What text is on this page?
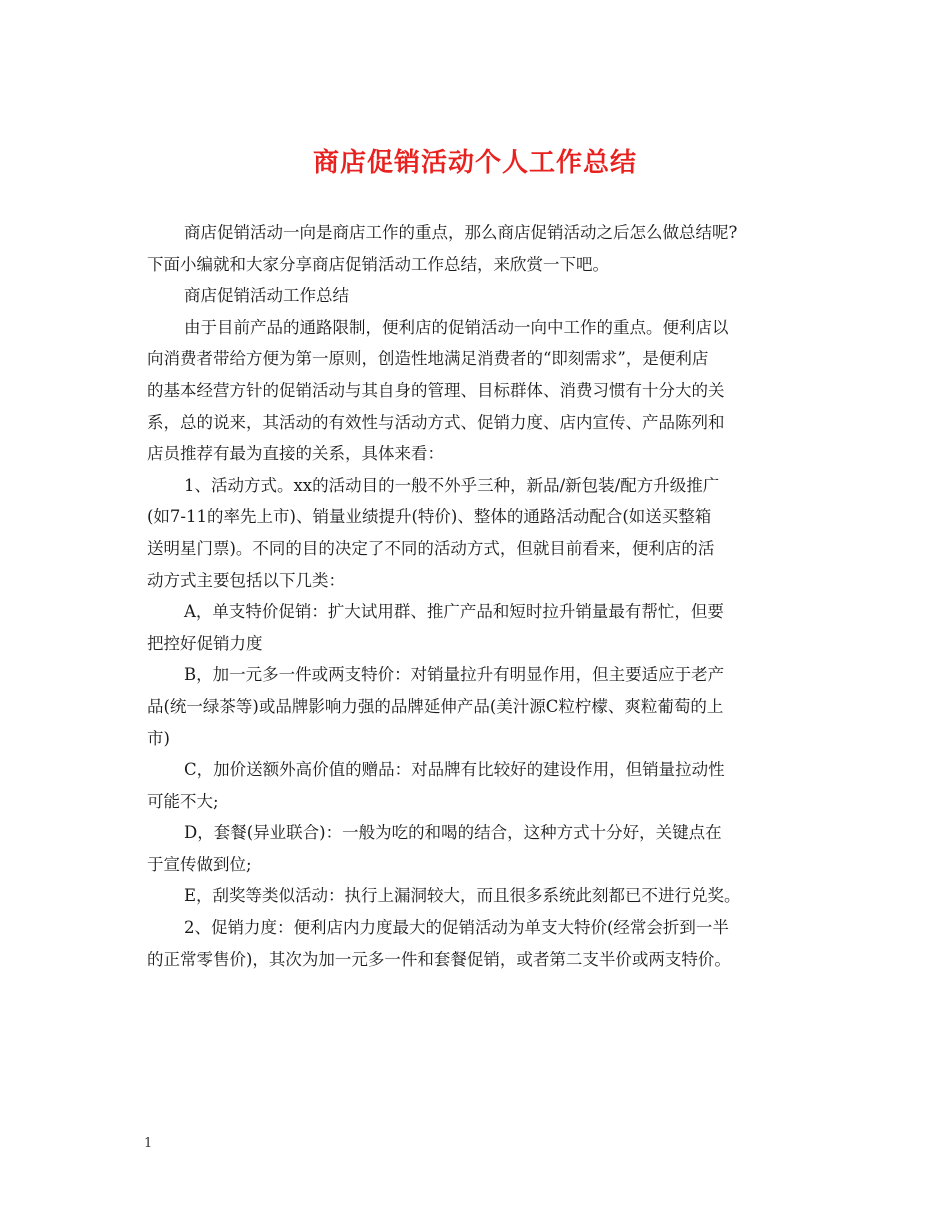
商店促销活动个人工作总结
商店促销活动一向是商店工作的重点，那么商店促销活动之后怎么做总结呢?
下面小编就和大家分享商店促销活动工作总结，来欣赏一下吧。
商店促销活动工作总结
由于目前产品的通路限制，便利店的促销活动一向中工作的重点。便利店以
向消费者带给方便为第一原则，创造性地满足消费者的“即刻需求”，是便利店
的基本经营方针的促销活动与其自身的管理、目标群体、消费习惯有十分大的关
系，总的说来，其活动的有效性与活动方式、促销力度、店内宣传、产品陈列和
店员推荐有最为直接的关系，具体来看：
1、活动方式。xx的活动目的一般不外乎三种，新品/新包装/配方升级推广
(如7-11的率先上市)、销量业绩提升(特价)、整体的通路活动配合(如送买整箱
送明星门票)。不同的目的决定了不同的活动方式，但就目前看来，便利店的活
动方式主要包括以下几类：
A，单支特价促销：扩大试用群、推广产品和短时拉升销量最有帮忙，但要
把控好促销力度
B，加一元多一件或两支特价：对销量拉升有明显作用，但主要适应于老产
品(统一绿茶等)或品牌影响力强的品牌延伸产品(美汁源C粒柠檬、爽粒葡萄的上
市)
C，加价送额外高价值的赠品：对品牌有比较好的建设作用，但销量拉动性
可能不大;
D，套餐(异业联合)：一般为吃的和喝的结合，这种方式十分好，关键点在
于宣传做到位;
E，刮奖等类似活动：执行上漏洞较大，而且很多系统此刻都已不进行兑奖。
2、促销力度：便利店内力度最大的促销活动为单支大特价(经常会折到一半
的正常零售价)，其次为加一元多一件和套餐促销，或者第二支半价或两支特价。
1
